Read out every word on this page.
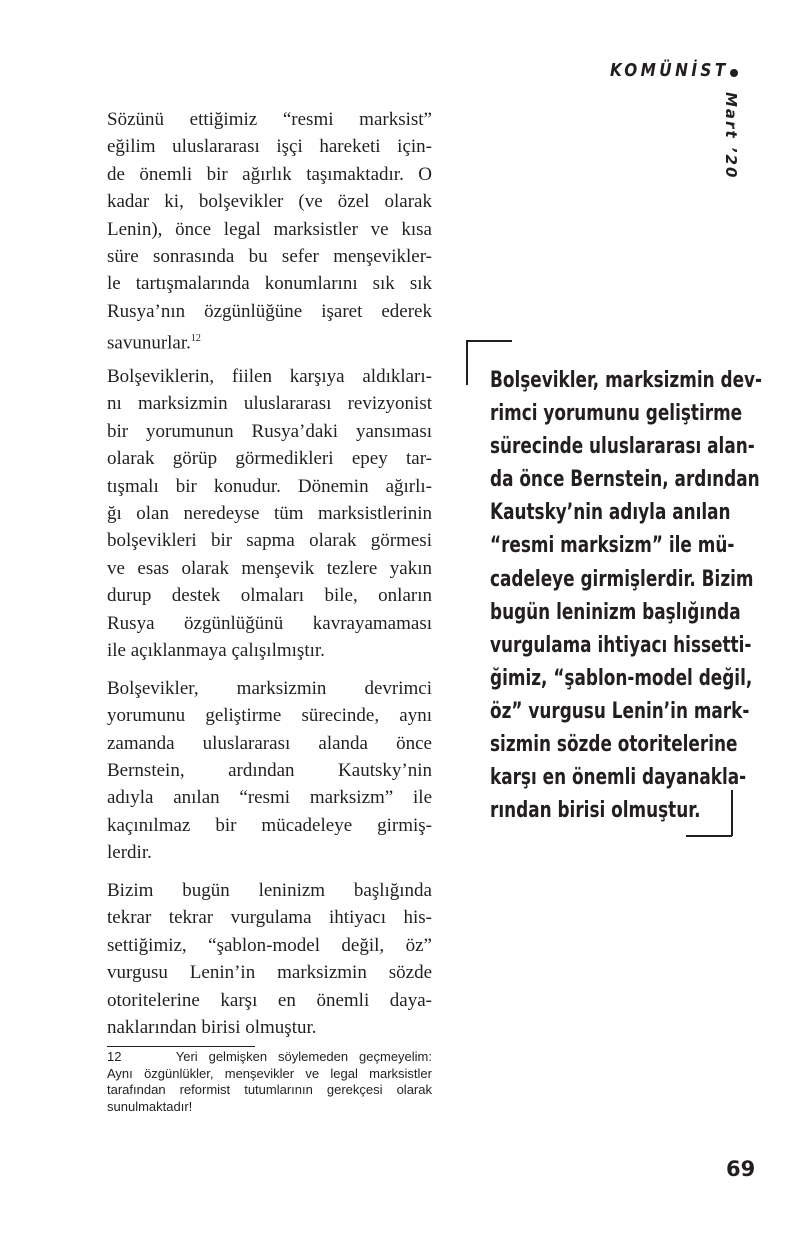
KOMÜNİST
Mart ’20
Sözünü ettiğimiz “resmi marksist”
eğilim uluslararası işçi hareketi için-
de önemli bir ağırlık taşımaktadır. O
kadar ki, bolşevikler (ve özel olarak
Lenin), önce legal marksistler ve kısa
süre sonrasında bu sefer menşevikler-
le tartışmalarında konumlarını sık sık
Rusya’nın özgünlüğüne işaret ederek
savunurlar.$^{12}$
Bolşeviklerin, fiilen karşıya aldıkları-
nı marksizmin uluslararası revizyonist
bir yorumunun Rusya’daki yansıması
olarak görüp görmedikleri epey tar-
tışmalı bir konudur. Dönemin ağırlı-
ğı olan neredeyse tüm marksistlerinin
bolşevikleri bir sapma olarak görmesi
ve esas olarak menşevik tezlere yakın
durup destek olmaları bile, onların
Rusya özgünlüğünü kavrayamaması
ile açıklanmaya çalışılmıştır.
Bolşevikler, marksizmin devrimci
yorumunu geliştirme sürecinde, aynı
zamanda uluslararası alanda önce
Bernstein, ardından Kautsky’nin
adıyla anılan “resmi marksizm” ile
kaçınılmaz bir mücadeleye girmiş-
lerdir.
Bizim bugün leninizm başlığında
tekrar tekrar vurgulama ihtiyacı his-
settiğimiz, “şablon-model değil, öz”
vurgusu Lenin’in marksizmin sözde
otoritelerine karşı en önemli daya-
naklarından birisi olmuştur.
Bolşevikler, marksizmin dev-
rimci yorumunu geliştirme
sürecinde uluslararası alan-
da önce Bernstein, ardından
Kautsky’nin adıyla anılan
“resmi marksizm” ile mü-
cadeleye girmişlerdir. Bizim
bugün leninizm başlığında
vurgulama ihtiyacı hissetti-
ğimiz, “şablon-model değil,
öz” vurgusu Lenin’in mark-
sizmin sözde otoritelerine
karşı en önemli dayanakla-
rından birisi olmuştur.
12     Yeri gelmişken söylemeden geçmeyelim:
Aynı özgünlükler, menşevikler ve legal marksistler
tarafından reformist tutumlarının gerekçesi olarak
sunulmaktadır!
69
